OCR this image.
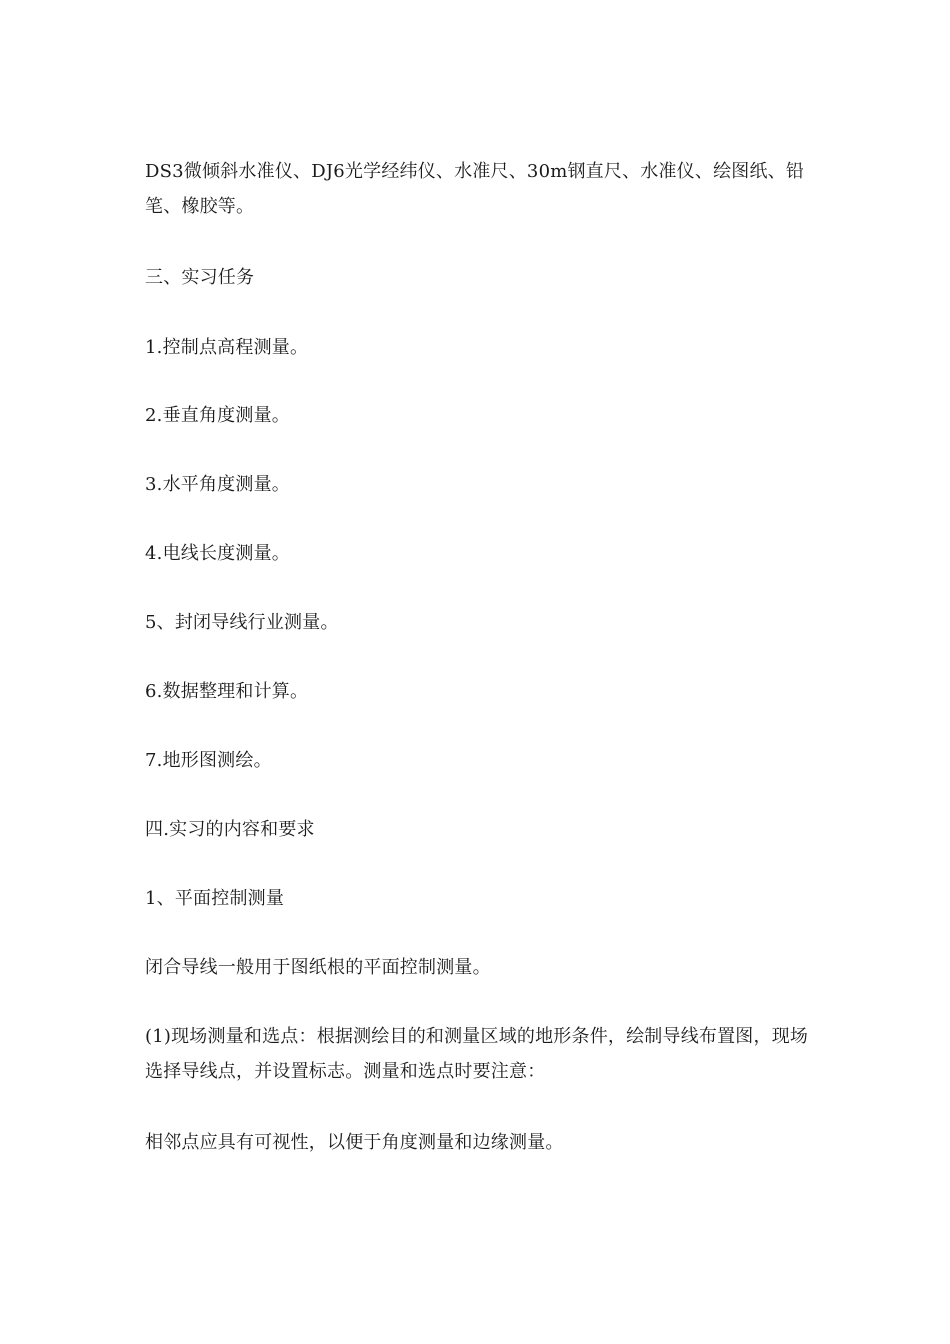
DS3微倾斜水准仪、DJ6光学经纬仪、水准尺、30m钢直尺、水准仪、绘图纸、铅笔、橡胶等。

三、实习任务

1.控制点高程测量。

2.垂直角度测量。

3.水平角度测量。

4.电线长度测量。

5、封闭导线行业测量。

6.数据整理和计算。

7.地形图测绘。

四.实习的内容和要求

1、平面控制测量

闭合导线一般用于图纸根的平面控制测量。

(1)现场测量和选点：根据测绘目的和测量区域的地形条件，绘制导线布置图，现场选择导线点，并设置标志。测量和选点时要注意：

相邻点应具有可视性，以便于角度测量和边缘测量。
